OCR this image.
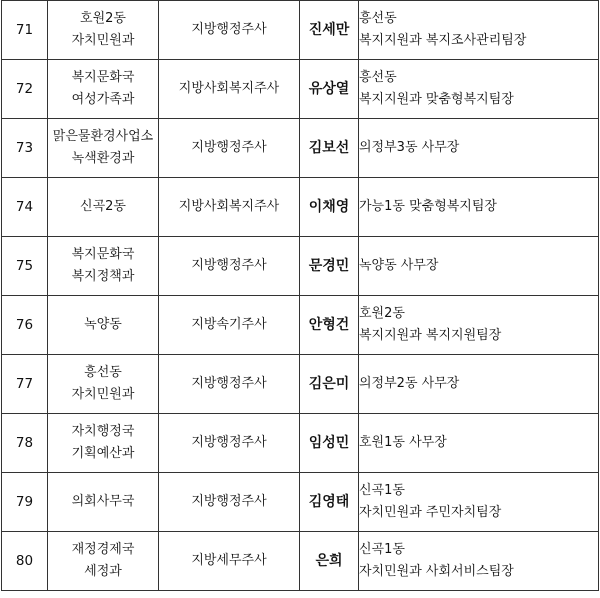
71	호원2동
자치민원과	지방행정주사	진세만	흥선동
복지지원과 복지조사관리팀장

72	복지문화국
여성가족과	지방사회복지주사	유상열	흥선동
복지지원과 맞춤형복지팀장

73	맑은물환경사업소
녹색환경과	지방행정주사	김보선	의정부3동 사무장

74	신곡2동	지방사회복지주사	이채영	가능1동 맞춤형복지팀장

75	복지문화국
복지정책과	지방행정주사	문경민	녹양동 사무장

76	녹양동	지방속기주사	안형건	호원2동
복지지원과 복지지원팀장

77	흥선동
자치민원과	지방행정주사	김은미	의정부2동 사무장

78	자치행정국
기획예산과	지방행정주사	임성민	호원1동 사무장

79	의회사무국	지방행정주사	김영태	신곡1동
자치민원과 주민자치팀장

80	재정경제국
세정과	지방세무주사	은희	신곡1동
자치민원과 사회서비스팀장
